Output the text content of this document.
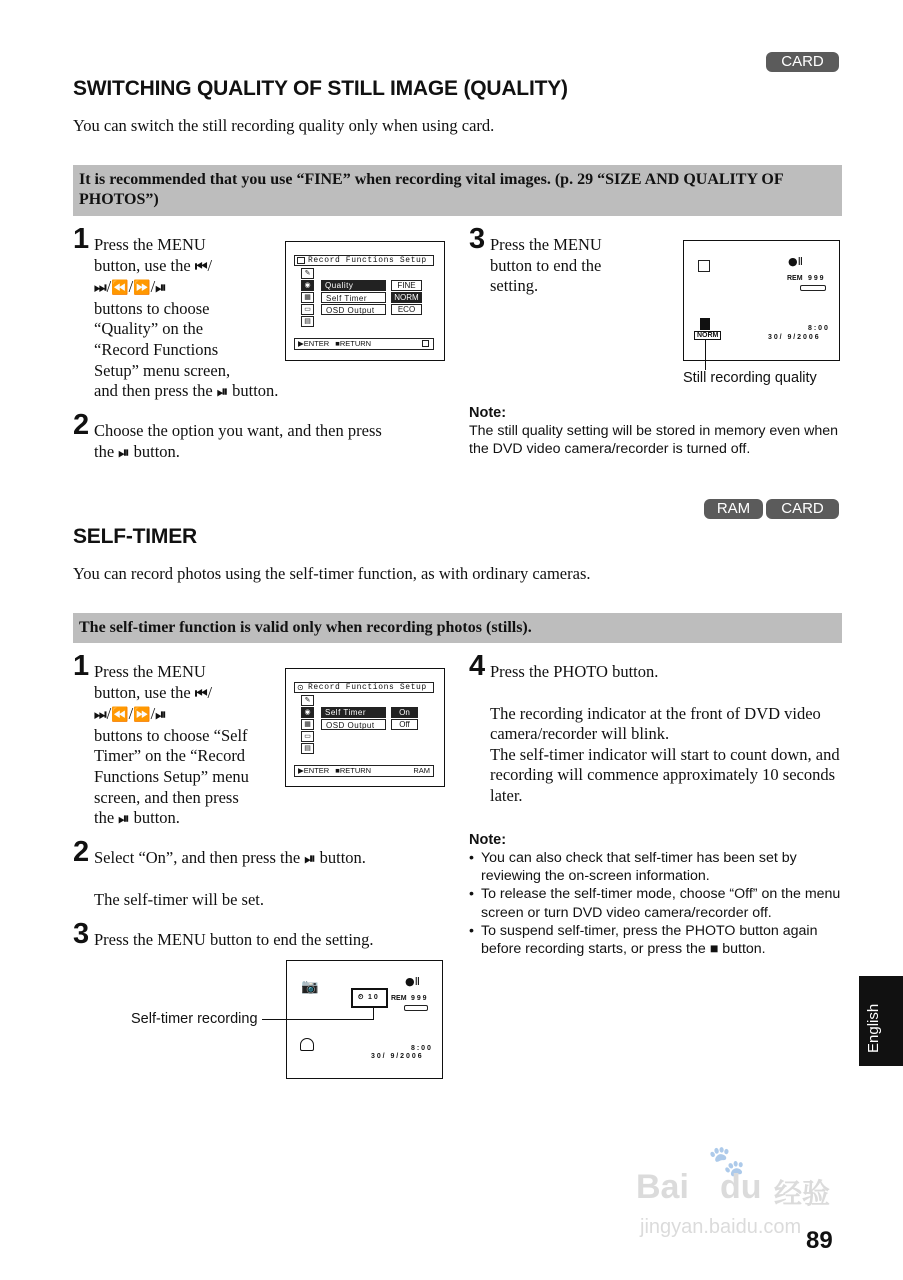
CARD
SWITCHING QUALITY OF STILL IMAGE (QUALITY)
You can switch the still recording quality only when using card.
It is recommended that you use “FINE” when recording vital images. (p. 29 “SIZE AND QUALITY OF PHOTOS”)
1 Press the MENU
button, use the ⏮/
⏭/⏪/⏩/⏯
buttons to choose
“Quality” on the
“Record Functions
Setup” menu screen,
and then press the ⏯ button.
Record Functions Setup
✎
◉
▦
▭
▤
Quality
Self Timer
OSD Output
FINE
NORM
ECO
▶ENTER ■RETURN
2 Choose the option you want, and then press
the ⏯ button.
3 Press the MENU
button to end the
setting.
●Ⅱ
REM 9 9 9
NORM
8 : 0 0
3 0 /   9 / 2 0 0 6
Still recording quality
Note:
The still quality setting will be stored in memory even when the DVD video camera/recorder is turned off.
RAM	CARD
SELF-TIMER
You can record photos using the self-timer function, as with ordinary cameras.
The self-timer function is valid only when recording photos (stills).
1 Press the MENU
button, use the ⏮/
⏭/⏪/⏩/⏯
buttons to choose “Self
Timer” on the “Record
Functions Setup” menu
screen, and then press
the ⏯ button.
⊙ Record Functions Setup
✎
◉
▦
▭
▤
Self Timer
OSD Output
On
Off
▶ENTER ■RETURN	RAM
2 Select “On”, and then press the ⏯ button.
The self-timer will be set.
3 Press the MENU button to end the setting.
📷	●Ⅱ
⏲ 1 0 REM 9 9 9
8 : 0 0
3 0 /   9 / 2 0 0 6
Self-timer recording
4 Press the PHOTO button.
The recording indicator at the front of DVD video camera/recorder will blink.
The self-timer indicator will start to count down, and recording will commence approximately 10 seconds later.
Note:
• You can also check that self-timer has been set by reviewing the on-screen information.
• To release the self-timer mode, choose “Off” on the menu screen or turn DVD video camera/recorder off.
• To suspend self-timer, press the PHOTO button again before recording starts, or press the ■ button.
English
Bai
🐾
du 经验
jingyan.baidu.com 89
